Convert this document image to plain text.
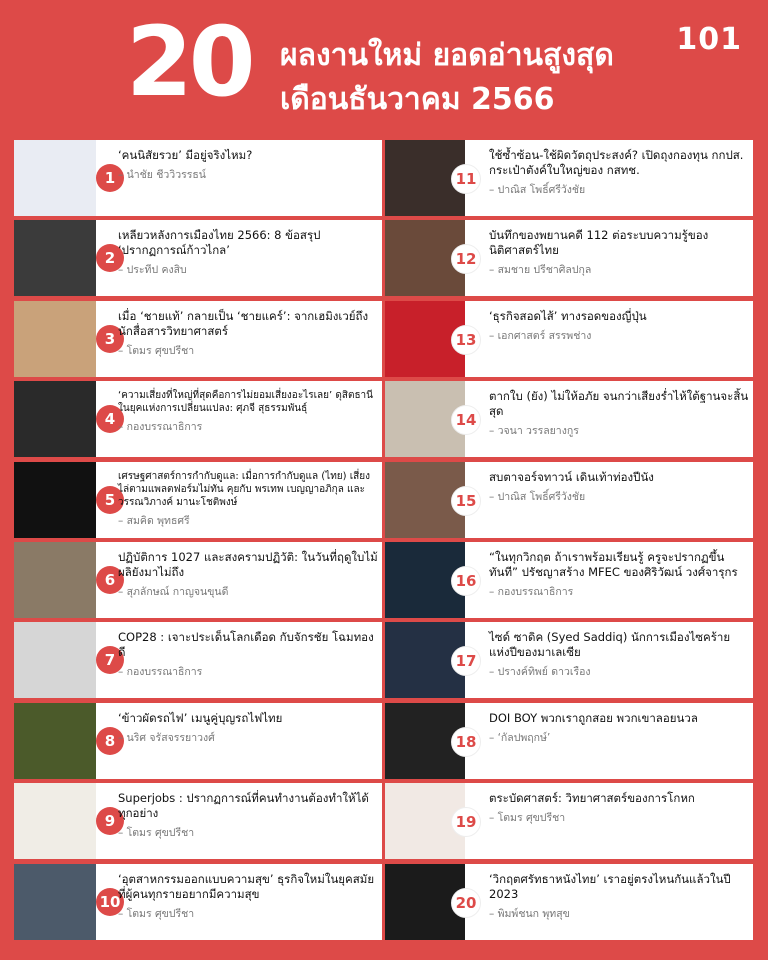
20 ผลงานใหม่ ยอดอ่านสูงสุด
เดือนธันวาคม 2566
101
1
‘คนนิสัยรวย’ มีอยู่จริงไหม?
– นำชัย ชีววิวรรธน์
2
เหลียวหลังการเมืองไทย 2566: 8 ข้อสรุป ‘ปรากฏการณ์ก้าวไกล’
– ประทีป คงสิบ
3
เมื่อ ‘ชายแท้’ กลายเป็น ‘ชายแคร์’: จากเฮมิงเวย์ถึงนักสื่อสารวิทยาศาสตร์
– โตมร ศุขปรีชา
4
‘ความเสี่ยงที่ใหญ่ที่สุดคือการไม่ยอมเสี่ยงอะไรเลย’ ดุสิตธานีในยุคแห่งการเปลี่ยนแปลง: ศุภจี สุธรรมพันธุ์
– กองบรรณาธิการ
5
เศรษฐศาสตร์การกำกับดูแล: เมื่อการกำกับดูแล (ไทย) เสี่ยงไล่ตามแพลตฟอร์มไม่ทัน คุยกับ พรเทพ เบญญาอภิกุล และวรรณวิภางค์ มานะโชติพงษ์
– สมคิด พุทธศรี
6
ปฏิบัติการ 1027 และสงครามปฏิวัติ: ในวันที่ฤดูใบไม้ผลิยังมาไม่ถึง
– สุภลักษณ์ กาญจนขุนดี
7
COP28 : เจาะประเด็นโลกเดือด กับจักรชัย โฉมทองดี
– กองบรรณาธิการ
8
‘ข้าวผัดรถไฟ’ เมนูคู่บุญรถไฟไทย
– นริศ จรัสจรรยาวงศ์
9
Superjobs : ปรากฏการณ์ที่คนทำงานต้องทำให้ได้ทุกอย่าง
– โตมร ศุขปรีชา
10
‘อุตสาหกรรมออกแบบความสุข’ ธุรกิจใหม่ในยุคสมัยที่ผู้คนทุกรายอยากมีความสุข
– โตมร ศุขปรีชา
11
ใช้ซ้ำซ้อน-ใช้ผิดวัตถุประสงค์? เปิดถุงกองทุน กกปส. กระเป๋าตังค์ใบใหญ่ของ กสทช.
– ปาณิส โพธิ์ศรีวังชัย
12
บันทึกของพยานคดี 112 ต่อระบบความรู้ของนิติศาสตร์ไทย
– สมชาย ปรีชาศิลปกุล
13
‘ธุรกิจสอดไส้’ ทางรอดของญี่ปุ่น
– เอกศาสตร์ สรรพช่าง
14
ตากใบ (ยัง) ไม่ให้อภัย จนกว่าเสียงร่ำไห้ใต้ฐานจะสิ้นสุด
– วจนา วรรลยางกูร
15
สบตาจอร์จทาวน์ เดินเท้าท่องปีนัง
– ปาณิส โพธิ์ศรีวังชัย
16
“ในทุกวิกฤต ถ้าเราพร้อมเรียนรู้ ครูจะปรากฏขึ้นทันที” ปรัชญาสร้าง MFEC ของศิริวัฒน์ วงศ์จารุกร
– กองบรรณาธิการ
17
ไซด์ ซาดิค (Syed Saddiq) นักการเมืองไซคร้ายแห่งปีของมาเลเซีย
– ปรางค์ทิพย์ ดาวเรือง
18
DOI BOY พวกเราถูกสอย พวกเขาลอยนวล
– ‘กัลปพฤกษ์’
19
ตระบัดศาสตร์: วิทยาศาสตร์ของการโกหก
– โตมร ศุขปรีชา
20
‘วิกฤตศรัทธาหนังไทย’ เราอยู่ตรงไหนกันแล้วในปี 2023
– พิมพ์ชนก พุทสุข
